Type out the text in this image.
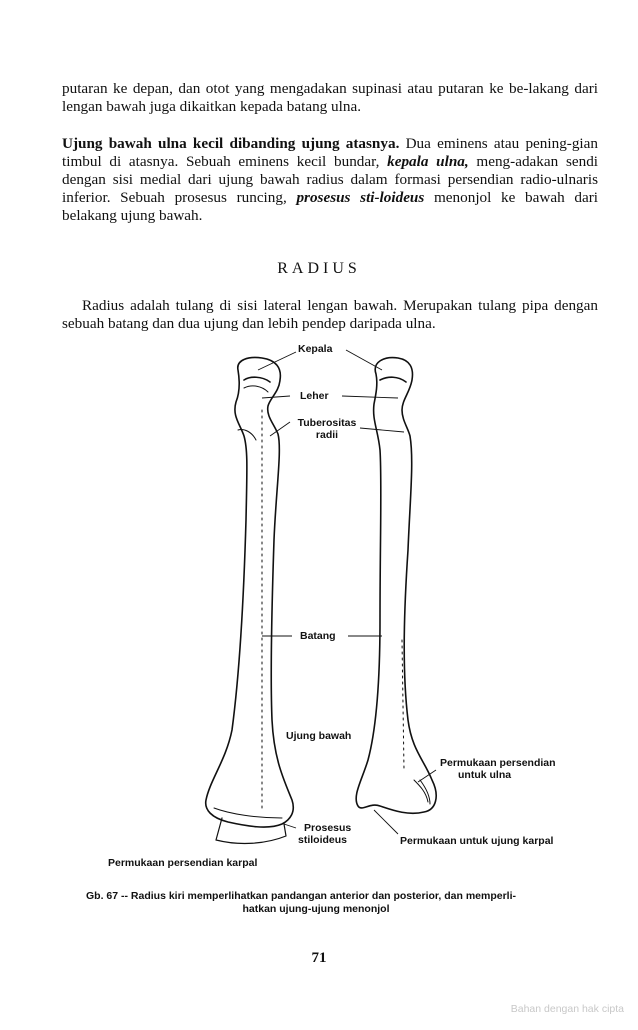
putaran ke depan, dan otot yang mengadakan supinasi atau putaran ke be-lakang dari lengan bawah juga dikaitkan kepada batang ulna.
Ujung bawah ulna kecil dibanding ujung atasnya. Dua eminens atau pening-gian timbul di atasnya. Sebuah eminens kecil bundar, kepala ulna, meng-adakan sendi dengan sisi medial dari ujung bawah radius dalam formasi persendian radio-ulnaris inferior. Sebuah prosesus runcing, prosesus sti-loideus menonjol ke bawah dari belakang ujung bawah.
RADIUS
Radius adalah tulang di sisi lateral lengan bawah. Merupakan tulang pipa dengan sebuah batang dan dua ujung dan lebih pendep daripada ulna.
Kepala
Leher
Tuberositas
radii
Batang
Ujung bawah
Permukaan persendian
untuk ulna
Prosesus
stiloideus	Permukaan untuk ujung karpal
Permukaan persendian karpal
Gb. 67 -- Radius kiri memperlihatkan pandangan anterior dan posterior, dan memperli-
hatkan ujung-ujung menonjol
71
Bahan dengan hak cipta
